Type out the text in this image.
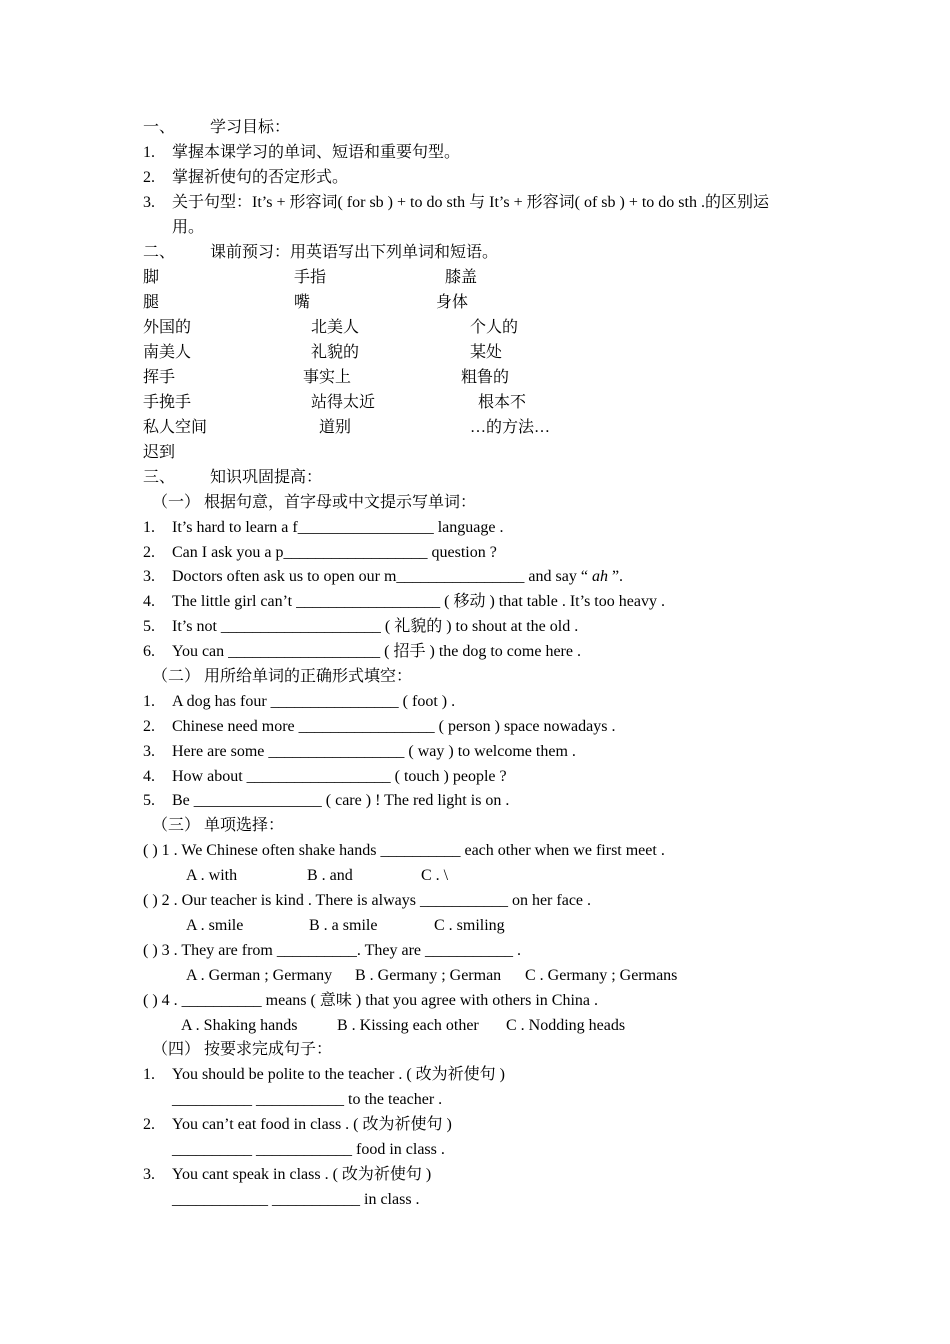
一、 学习目标：
1. 掌握本课学习的单词、短语和重要句型。
2. 掌握祈使句的否定形式。
3. 关于句型：It’s + 形容词( for sb ) + to do sth 与 It’s + 形容词( of sb ) + to do sth .的区别运
用。
二、 课前预习：用英语写出下列单词和短语。
脚	手指	膝盖
腿	嘴	身体
外国的	北美人	个人的
南美人	礼貌的	某处
挥手	事实上	粗鲁的
手挽手	站得太近	根本不
私人空间	道别	…的方法…
迟到
三、 知识巩固提高：
（一） 根据句意，首字母或中文提示写单词：
1. It’s hard to learn a f_________________ language .
2. Can I ask you a p__________________ question ?
3. Doctors often ask us to open our m________________ and say “ ah ”.
4. The little girl can’t __________________ ( 移动 ) that table . It’s too heavy .
5. It’s not ____________________ ( 礼貌的 ) to shout at the old .
6. You can ___________________ ( 招手 ) the dog to come here .
（二） 用所给单词的正确形式填空：
1. A dog has four ________________ ( foot ) .
2. Chinese need more _________________ ( person ) space nowadays .
3. Here are some _________________ ( way ) to welcome them .
4. How about __________________ ( touch ) people ?
5. Be ________________ ( care ) ! The red light is on .
（三） 单项选择：
( ) 1 . We Chinese often shake hands __________ each other when we first meet .
A . with	B . and	C . \
( ) 2 . Our teacher is kind . There is always ___________ on her face .
A . smile	B . a smile	C . smiling
( ) 3 . They are from __________. They are ___________ .
A . German ; Germany B . Germany ; German C . Germany ; Germans
( ) 4 . __________ means ( 意味 ) that you agree with others in China .
A . Shaking hands B . Kissing each other C . Nodding heads
（四） 按要求完成句子：
1. You should be polite to the teacher . ( 改为祈使句 )
__________ ___________ to the teacher .
2. You can’t eat food in class . ( 改为祈使句 )
__________ ____________ food in class .
3. You cant speak in class . ( 改为祈使句 )
____________ ___________ in class .
